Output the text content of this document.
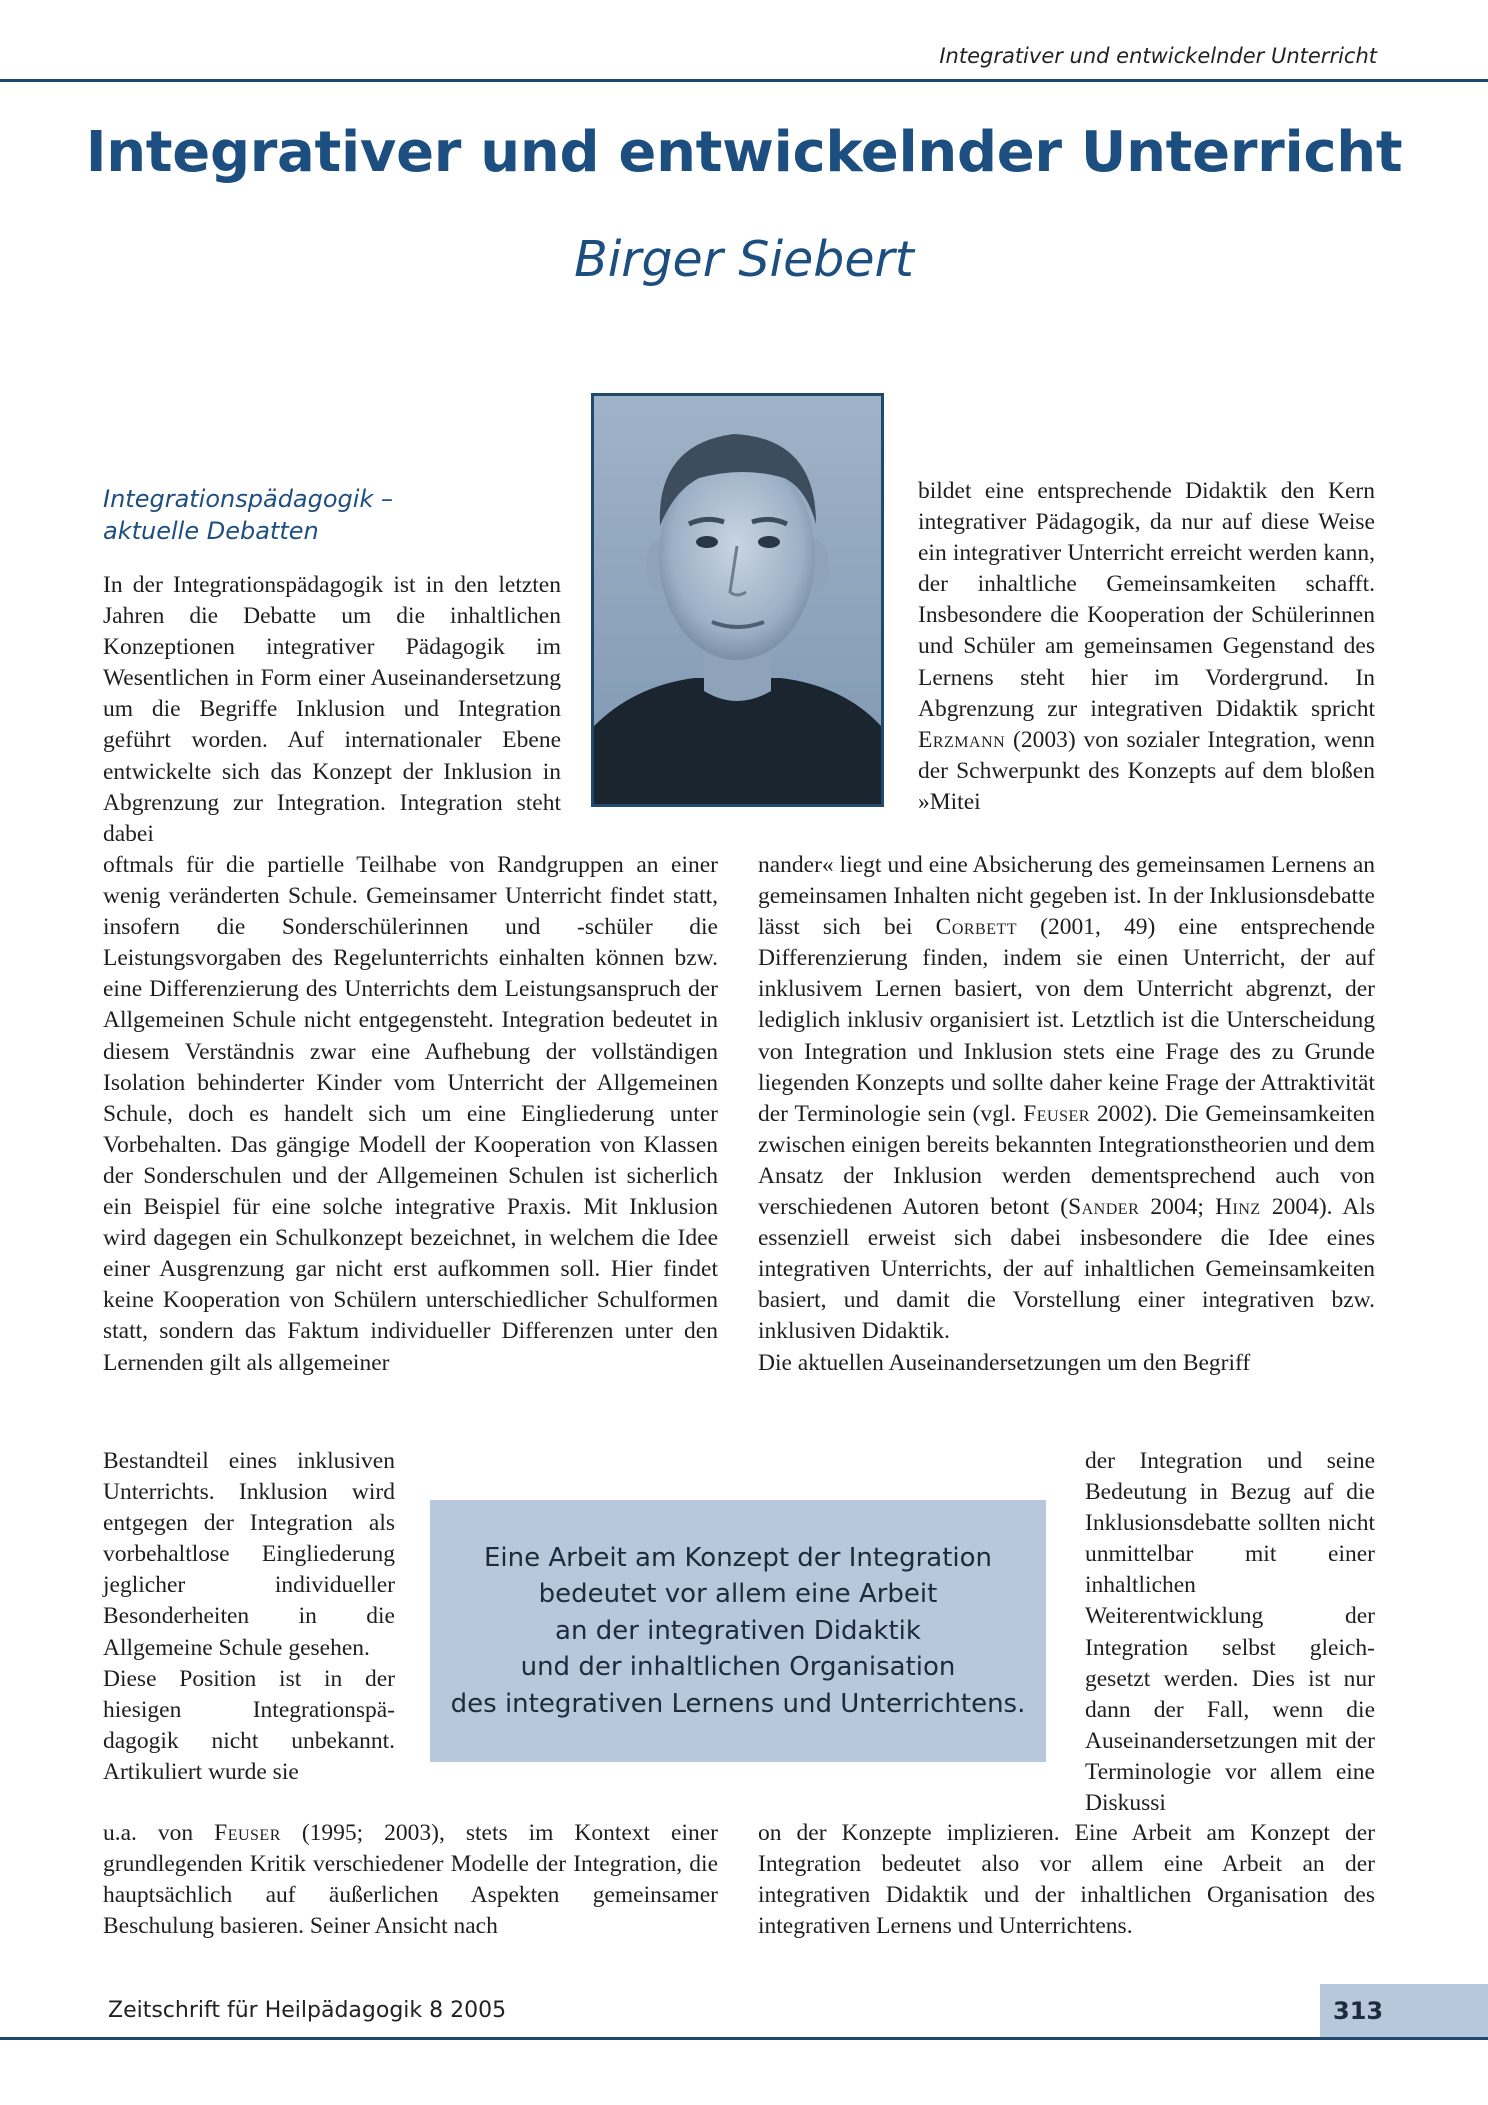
Integrativer und entwickelnder Unterricht
Integrativer und entwickelnder Unterricht
Birger Siebert
Integrationspädagogik –
aktuelle Debatten

In der Integrationspädagogik ist in den letzten Jahren die Debatte um die inhaltlichen Konzeptionen integrativer Pädagogik im Wesentlichen in Form einer Auseinandersetzung um die Begriffe Inklusion und Integration geführt worden. Auf internationaler Ebene entwickelte sich das Konzept der Inklusion in Abgrenzung zur Integration. Integration steht dabei

oftmals für die partielle Teilhabe von Randgruppen an einer wenig veränderten Schule. Gemeinsamer Unterricht findet statt, insofern die Sonderschülerinnen und -schüler die Leistungsvorgaben des Regelunterrichts einhalten können bzw. eine Differenzierung des Unterrichts dem Leistungsanspruch der Allgemeinen Schule nicht entgegensteht. Integration bedeutet in diesem Verständnis zwar eine Aufhebung der vollständigen Isolation behinderter Kinder vom Unterricht der Allgemeinen Schule, doch es handelt sich um eine Eingliederung unter Vorbehalten. Das gängige Modell der Kooperation von Klassen der Sonderschulen und der Allgemeinen Schulen ist sicherlich ein Beispiel für eine solche integrative Praxis. Mit Inklusion wird dagegen ein Schulkonzept bezeichnet, in welchem die Idee einer Ausgrenzung gar nicht erst aufkommen soll. Hier findet keine Kooperation von Schülern unterschiedlicher Schulformen statt, sondern das Faktum individueller Differenzen unter den Lernenden gilt als allgemeiner

Bestandteil eines inklusiven Unterrichts. Inklusion wird entgegen der Integration als vorbehaltlose Eingliederung jeglicher individueller Besonderheiten in die Allgemeine Schule gesehen.

Diese Position ist in der hiesigen Integrationspädagogik nicht unbekannt. Artikuliert wurde sie

u.a. von Feuser (1995; 2003), stets im Kontext einer grundlegenden Kritik verschiedener Modelle der Integration, die hauptsächlich auf äußerlichen Aspekten gemeinsamer Beschulung basieren. Seiner Ansicht nach

bildet eine entsprechende Didaktik den Kern integrativer Pädagogik, da nur auf diese Weise ein integrativer Unterricht erreicht werden kann, der inhaltliche Gemeinsamkeiten schafft. Insbesondere die Kooperation der Schülerinnen und Schüler am gemeinsamen Gegenstand des Lernens steht hier im Vordergrund. In Abgrenzung zur integrativen Didaktik spricht Erzmann (2003) von sozialer Integration, wenn der Schwerpunkt des Konzepts auf dem bloßen »Mitei

nander« liegt und eine Absicherung des gemeinsamen Lernens an gemeinsamen Inhalten nicht gegeben ist. In der Inklusionsdebatte lässt sich bei Corbett (2001, 49) eine entsprechende Differenzierung finden, indem sie einen Unterricht, der auf inklusivem Lernen basiert, von dem Unterricht abgrenzt, der lediglich inklusiv organisiert ist. Letztlich ist die Unterscheidung von Integration und Inklusion stets eine Frage des zu Grunde liegenden Konzepts und sollte daher keine Frage der Attraktivität der Terminologie sein (vgl. Feuser 2002). Die Gemeinsamkeiten zwischen einigen bereits bekannten Integrationstheorien und dem Ansatz der Inklusion werden dementsprechend auch von verschiedenen Autoren betont (Sander 2004; Hinz 2004). Als essenziell erweist sich dabei insbesondere die Idee eines integrativen Unterrichts, der auf inhaltlichen Gemeinsamkeiten basiert, und damit die Vorstellung einer integrativen bzw. inklusiven Didaktik.

Die aktuellen Auseinandersetzungen um den Begriff

der Integration und seine Bedeutung in Bezug auf die Inklusionsdebatte sollten nicht unmittelbar mit einer inhaltlichen Weiterentwicklung der Integration selbst gleichgesetzt werden. Dies ist nur dann der Fall, wenn die Auseinandersetzungen mit der Terminologie vor allem eine Diskussi

on der Konzepte implizieren. Eine Arbeit am Konzept der Integration bedeutet also vor allem eine Arbeit an der integrativen Didaktik und der inhaltlichen Organisation des integrativen Lernens und Unterrichtens.

Eine Arbeit am Konzept der Integration
bedeutet vor allem eine Arbeit
an der integrativen Didaktik
und der inhaltlichen Organisation
des integrativen Lernens und Unterrichtens.

Zeitschrift für Heilpädagogik 8 2005	313
